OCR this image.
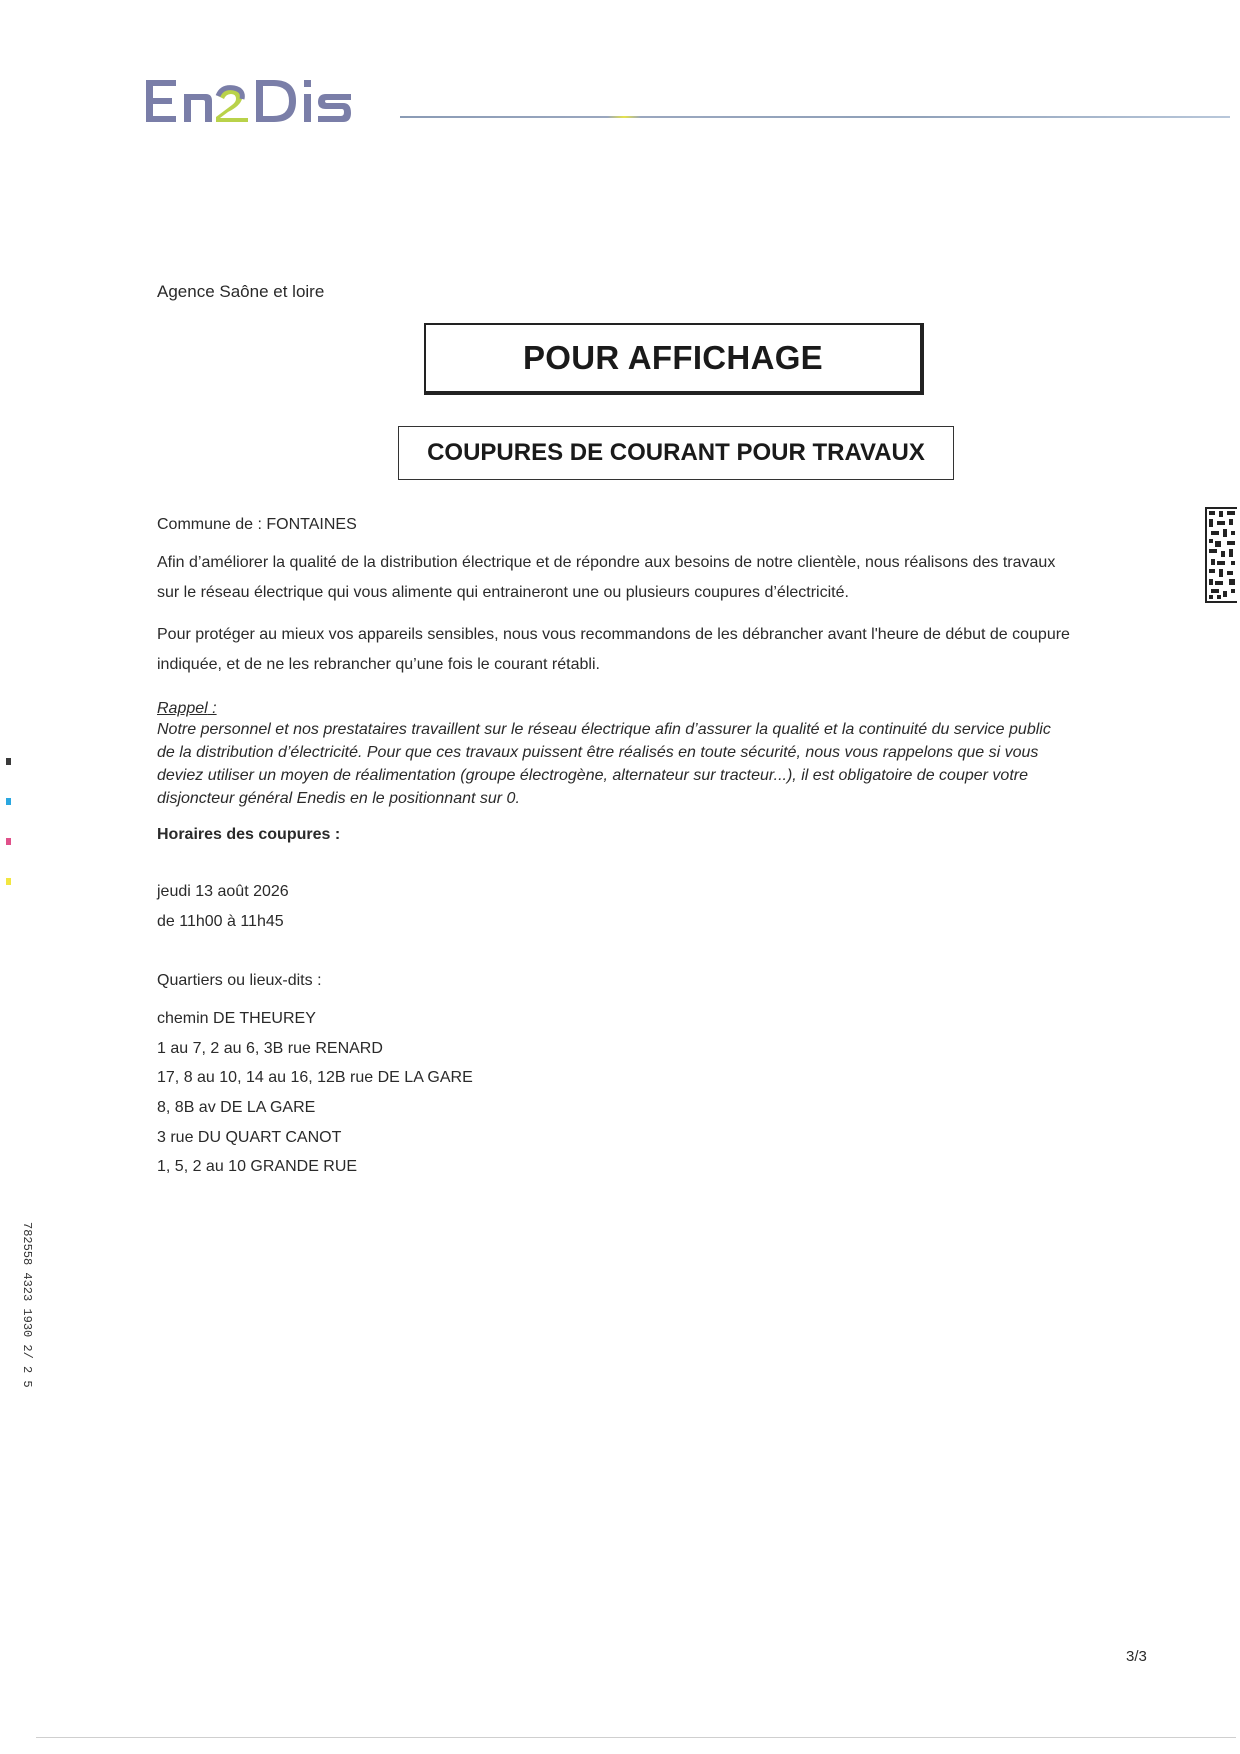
Agence Saône et loire
POUR AFFICHAGE
COUPURES DE COURANT POUR TRAVAUX
Commune de : FONTAINES
Afin d’améliorer la qualité de la distribution électrique et de répondre aux besoins de notre clientèle, nous réalisons des travaux
sur le réseau électrique qui vous alimente qui entraineront une ou plusieurs coupures d’électricité.
Pour protéger au mieux vos appareils sensibles, nous vous recommandons de les débrancher avant l'heure de début de coupure
indiquée, et de ne les rebrancher qu’une fois le courant rétabli.
Rappel :
Notre personnel et nos prestataires travaillent sur le réseau électrique afin d’assurer la qualité et la continuité du service public
de la distribution d’électricité. Pour que ces travaux puissent être réalisés en toute sécurité, nous vous rappelons que si vous
deviez utiliser un moyen de réalimentation (groupe électrogène, alternateur sur tracteur...), il est obligatoire de couper votre
disjoncteur général Enedis en le positionnant sur 0.
Horaires des coupures :
jeudi 13 août 2026
de 11h00 à 11h45
Quartiers ou lieux-dits :
chemin DE THEUREY
1 au 7, 2 au 6, 3B rue RENARD
17, 8 au 10, 14 au 16, 12B rue DE LA GARE
8, 8B av DE LA GARE
3 rue DU QUART CANOT
1, 5, 2 au 10 GRANDE RUE
782558 4323 1930 2/ 2 5
3/3
